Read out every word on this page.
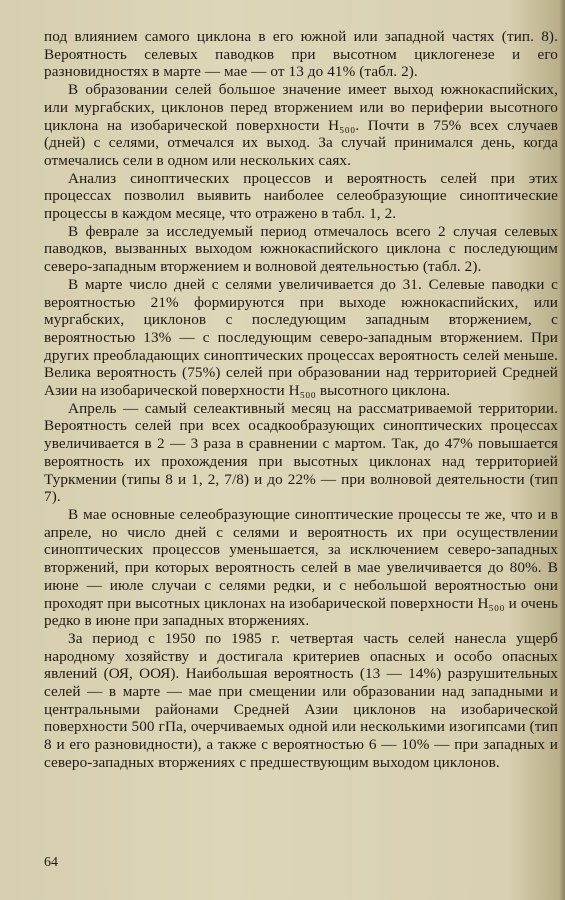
под влиянием самого циклона в его южной или западной частях (тип. 8). Вероятность селевых паводков при высотном циклогенезе и его разновидностях в марте — мае — от 13 до 41% (табл. 2).

В образовании селей большое значение имеет выход южнокаспийских, или мургабских, циклонов перед вторжением или во периферии высотного циклона на изобарической поверхности H₅₀₀. Почти в 75% всех случаев (дней) с селями, отмечался их выход. За случай принимался день, когда отмечались сели в одном или нескольких саях.

Анализ синоптических процессов и вероятность селей при этих процессах позволил выявить наиболее селеобразующие синоптические процессы в каждом месяце, что отражено в табл. 1, 2.

В феврале за исследуемый период отмечалось всего 2 случая селевых паводков, вызванных выходом южнокаспийского циклона с последующим северо-западным вторжением и волновой деятельностью (табл. 2).

В марте число дней с селями увеличивается до 31. Селевые паводки с вероятностью 21% формируются при выходе южнокаспийских, или мургабских, циклонов с последующим западным вторжением, с вероятностью 13% — с последующим северо-западным вторжением. При других преобладающих синоптических процессах вероятность селей меньше. Велика вероятность (75%) селей при образовании над территорией Средней Азии на изобарической поверхности H₅₀₀ высотного циклона.

Апрель — самый селеактивный месяц на рассматриваемой территории. Вероятность селей при всех осадкообразующих синоптических процессах увеличивается в 2 — 3 раза в сравнении с мартом. Так, до 47% повышается вероятность их прохождения при высотных циклонах над территорией Туркмении (типы 8 и 1, 2, 7/8) и до 22% — при волновой деятельности (тип 7).

В мае основные селеобразующие синоптические процессы те же, что и в апреле, но число дней с селями и вероятность их при осуществлении синоптических процессов уменьшается, за исключением северо-западных вторжений, при которых вероятность селей в мае увеличивается до 80%. В июне — июле случаи с селями редки, и с небольшой вероятностью они проходят при высотных циклонах на изобарической поверхности H₅₀₀ и очень редко в июне при западных вторжениях.

За период с 1950 по 1985 г. четвертая часть селей нанесла ущерб народному хозяйству и достигала критериев опасных и особо опасных явлений (ОЯ, ООЯ). Наибольшая вероятность (13 — 14%) разрушительных селей — в марте — мае при смещении или образовании над западными и центральными районами Средней Азии циклонов на изобарической поверхности 500 гПа, очерчиваемых одной или несколькими изогипсами (тип 8 и его разновидности), а также с вероятностью 6 — 10% — при западных и северо-западных вторжениях с предшествующим выходом циклонов.

64
